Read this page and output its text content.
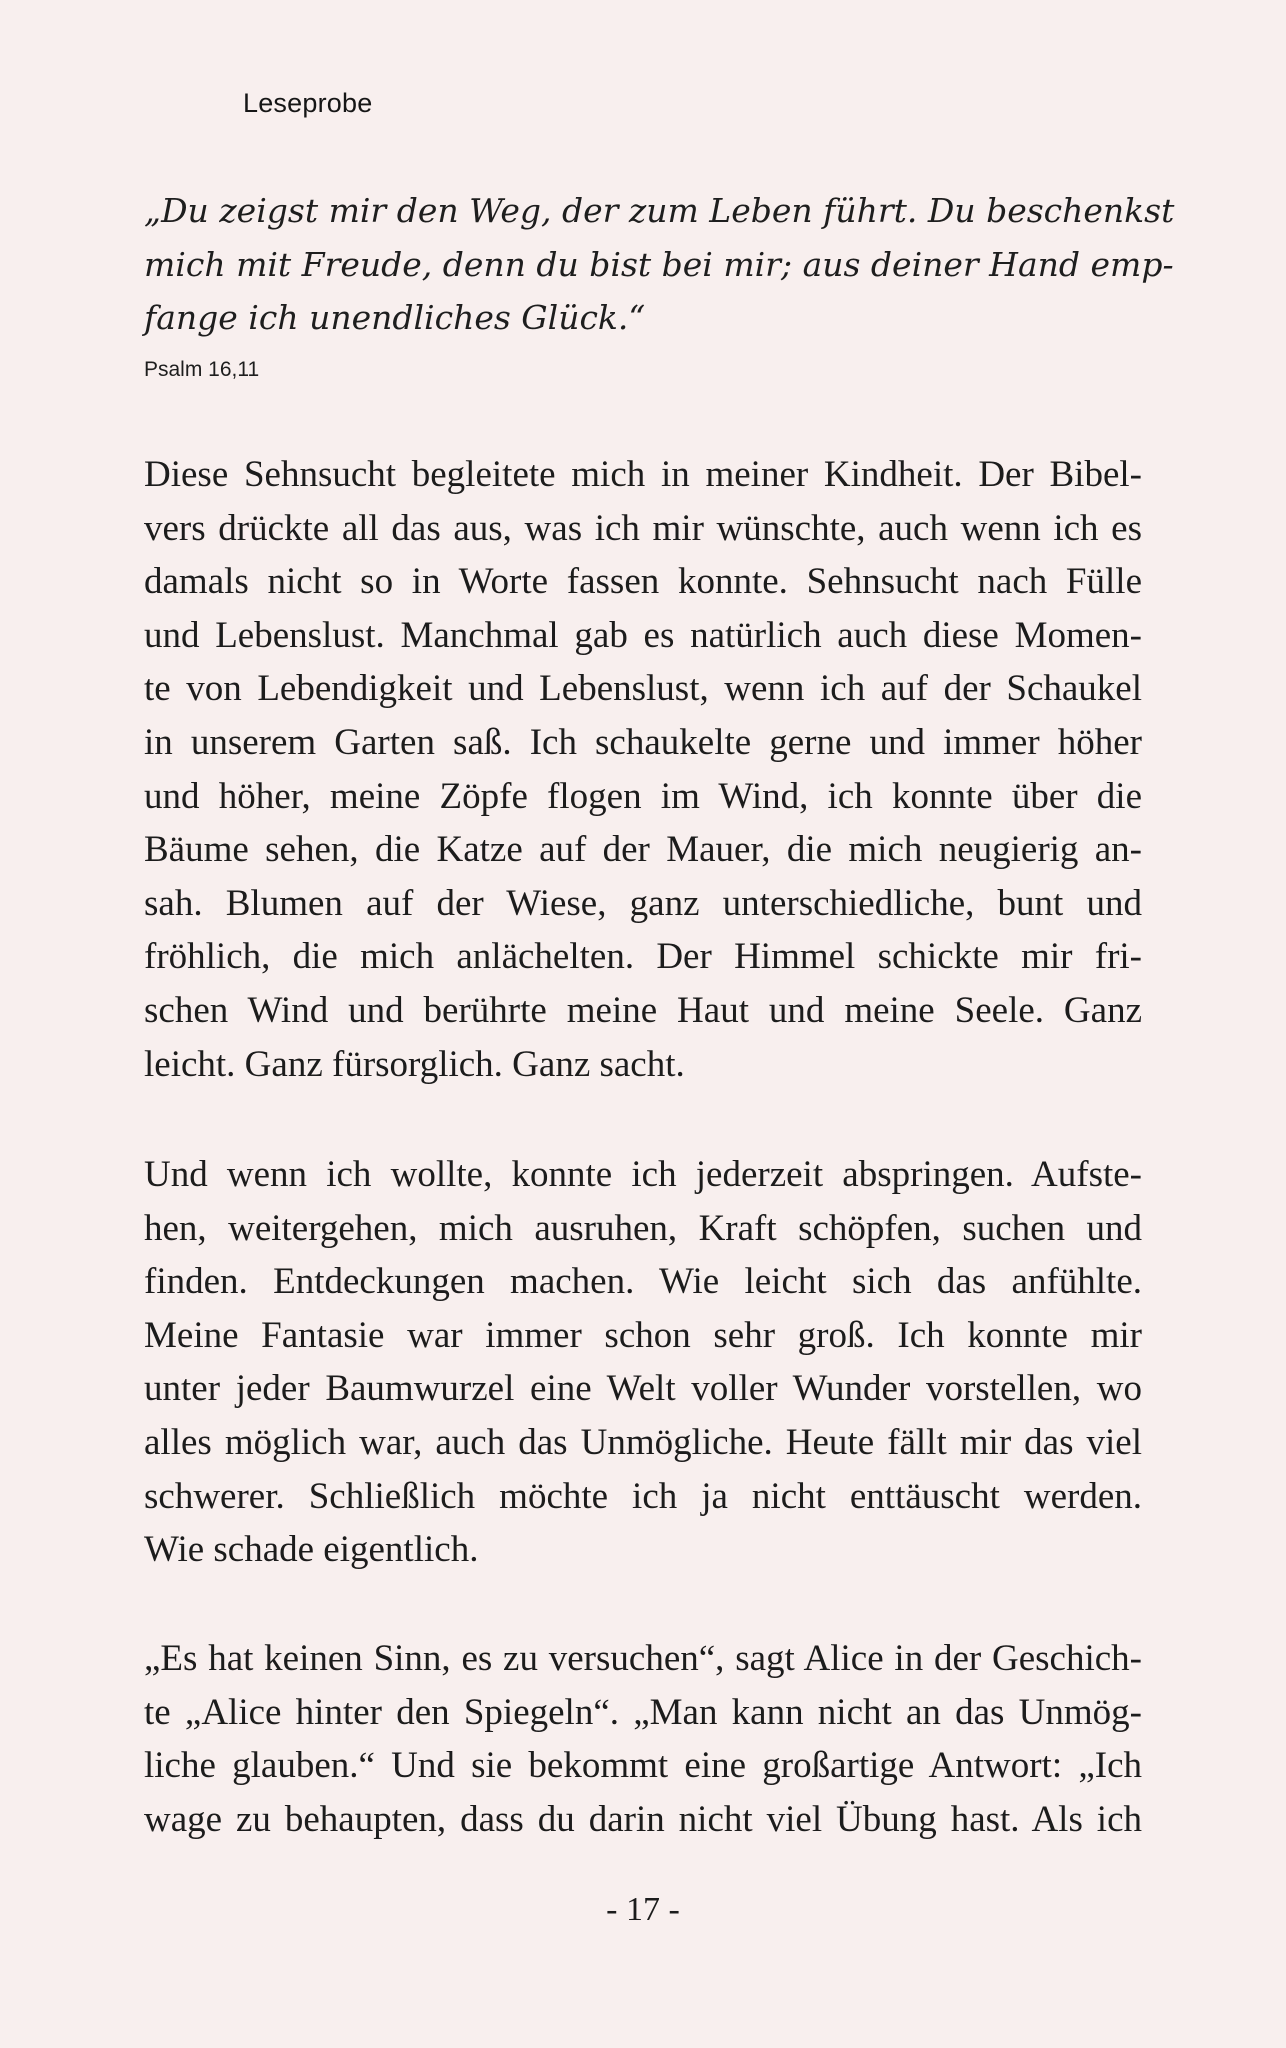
Leseprobe
„Du zeigst mir den Weg, der zum Leben führt. Du beschenkst
mich mit Freude, denn du bist bei mir; aus deiner Hand emp-
fange ich unendliches Glück.“
Psalm 16,11
Diese Sehnsucht begleitete mich in meiner Kindheit. Der Bibel-
vers drückte all das aus, was ich mir wünschte, auch wenn ich es
damals nicht so in Worte fassen konnte. Sehnsucht nach Fülle
und Lebenslust. Manchmal gab es natürlich auch diese Momen-
te von Lebendigkeit und Lebenslust, wenn ich auf der Schaukel
in unserem Garten saß. Ich schaukelte gerne und immer höher
und höher, meine Zöpfe flogen im Wind, ich konnte über die
Bäume sehen, die Katze auf der Mauer, die mich neugierig an-
sah. Blumen auf der Wiese, ganz unterschiedliche, bunt und
fröhlich, die mich anlächelten. Der Himmel schickte mir fri-
schen Wind und berührte meine Haut und meine Seele. Ganz
leicht. Ganz fürsorglich. Ganz sacht.
Und wenn ich wollte, konnte ich jederzeit abspringen. Aufste-
hen, weitergehen, mich ausruhen, Kraft schöpfen, suchen und
finden. Entdeckungen machen. Wie leicht sich das anfühlte.
Meine Fantasie war immer schon sehr groß. Ich konnte mir
unter jeder Baumwurzel eine Welt voller Wunder vorstellen, wo
alles möglich war, auch das Unmögliche. Heute fällt mir das viel
schwerer. Schließlich möchte ich ja nicht enttäuscht werden.
Wie schade eigentlich.
„Es hat keinen Sinn, es zu versuchen“, sagt Alice in der Geschich-
te „Alice hinter den Spiegeln“. „Man kann nicht an das Unmög-
liche glauben.“ Und sie bekommt eine großartige Antwort: „Ich
wage zu behaupten, dass du darin nicht viel Übung hast. Als ich
- 17 -
